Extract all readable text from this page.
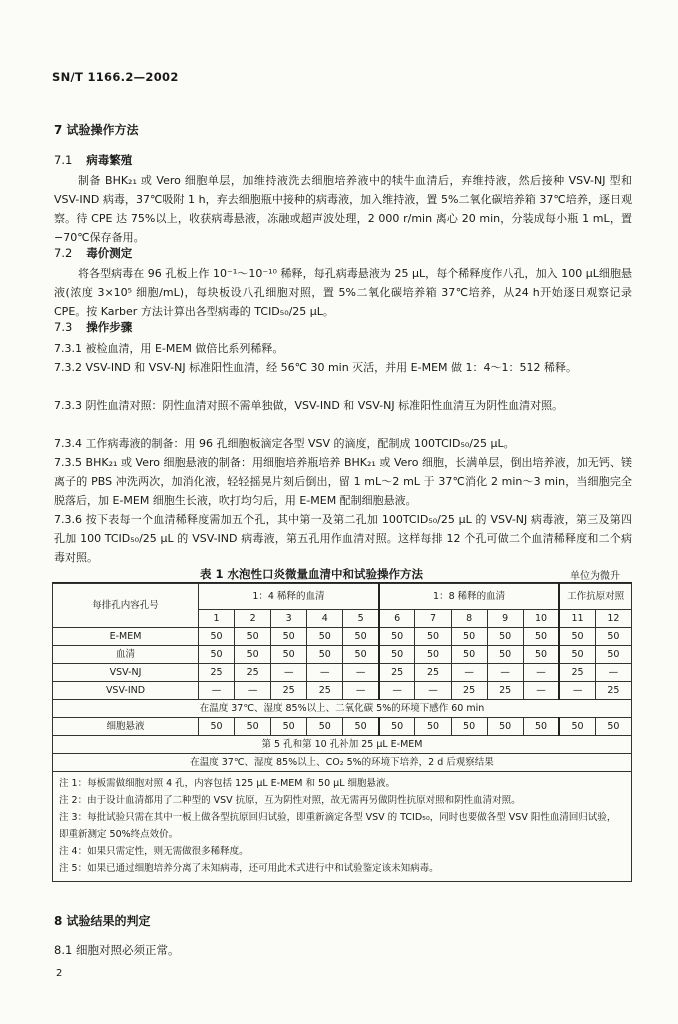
SN/T 1166.2—2002
7 试验操作方法
7.1 病毒繁殖
制备 BHK₂₁ 或 Vero 细胞单层，加维持液洗去细胞培养液中的犊牛血清后，弃维持液，然后接种 VSV-NJ 型和 VSV-IND 病毒，37℃吸附 1 h，弃去细胞瓶中接种的病毒液，加入维持液，置 5%二氧化碳培养箱 37℃培养，逐日观察。待 CPE 达 75%以上，收获病毒悬液，冻融或超声波处理，2 000 r/min 离心 20 min，分装成每小瓶 1 mL，置 −70℃保存备用。
7.2 毒价测定
将各型病毒在 96 孔板上作 10⁻¹～10⁻¹⁰ 稀释，每孔病毒悬液为 25 μL，每个稀释度作八孔，加入 100 μL细胞悬液(浓度 3×10⁵ 细胞/mL)，每块板设八孔细胞对照，置 5%二氧化碳培养箱 37℃培养，从24 h开始逐日观察记录 CPE。按 Karber 方法计算出各型病毒的 TCID₅₀/25 μL。
7.3 操作步骤
7.3.1 被检血清，用 E-MEM 做倍比系列稀释。
7.3.2 VSV-IND 和 VSV-NJ 标准阳性血清，经 56℃ 30 min 灭活，并用 E-MEM 做 1：4～1：512 稀释。
7.3.3 阴性血清对照：阴性血清对照不需单独做，VSV-IND 和 VSV-NJ 标准阳性血清互为阴性血清对照。
7.3.4 工作病毒液的制备：用 96 孔细胞板滴定各型 VSV 的滴度，配制成 100TCID₅₀/25 μL。
7.3.5 BHK₂₁ 或 Vero 细胞悬液的制备：用细胞培养瓶培养 BHK₂₁ 或 Vero 细胞，长满单层，倒出培养液，加无钙、镁离子的 PBS 冲洗两次，加消化液，轻轻摇晃片刻后倒出，留 1 mL～2 mL 于 37℃消化 2 min～3 min，当细胞完全脱落后，加 E-MEM 细胞生长液，吹打均匀后，用 E-MEM 配制细胞悬液。
7.3.6 按下表每一个血清稀释度需加五个孔，其中第一及第二孔加 100TCID₅₀/25 μL 的 VSV-NJ 病毒液，第三及第四孔加 100 TCID₅₀/25 μL 的 VSV-IND 病毒液，第五孔用作血清对照。这样每排 12 个孔可做二个血清稀释度和二个病毒对照。
表 1 水泡性口炎微量血清中和试验操作方法	单位为微升
每排孔内容孔号	1：4 稀释的血清					1：8 稀释的血清					工作抗原对照	
	1	2	3	4	5	6	7	8	9	10	11	12
E-MEM	50	50	50	50	50	50	50	50	50	50	50	50
血清	50	50	50	50	50	50	50	50	50	50	50	50
VSV-NJ	25	25	—	—	—	25	25	—	—	—	25	—
VSV-IND	—	—	25	25	—	—	—	25	25	—	—	25
在温度 37℃、湿度 85%以上、二氧化碳 5%的环境下感作 60 min												
细胞悬液	50	50	50	50	50	50	50	50	50	50	50	50
第 5 孔和第 10 孔补加 25 μL E-MEM												
在温度 37℃、湿度 85%以上、CO₂ 5%的环境下培养，2 d 后观察结果												

注 1：每板需做细胞对照 4 孔，内容包括 125 μL E-MEM 和 50 μL 细胞悬液。
注 2：由于设计血清都用了二种型的 VSV 抗原，互为阴性对照，故无需再另做阴性抗原对照和阴性血清对照。
注 3：每批试验只需在其中一板上做各型抗原回归试验，即重新滴定各型 VSV 的 TCID₅₀，同时也要做各型 VSV 阳性血清回归试验，即重新测定 50%终点效价。
注 4：如果只需定性，则无需做很多稀释度。
注 5：如果已通过细胞培养分离了未知病毒，还可用此术式进行中和试验鉴定该未知病毒。												
8 试验结果的判定
8.1 细胞对照必须正常。
2
